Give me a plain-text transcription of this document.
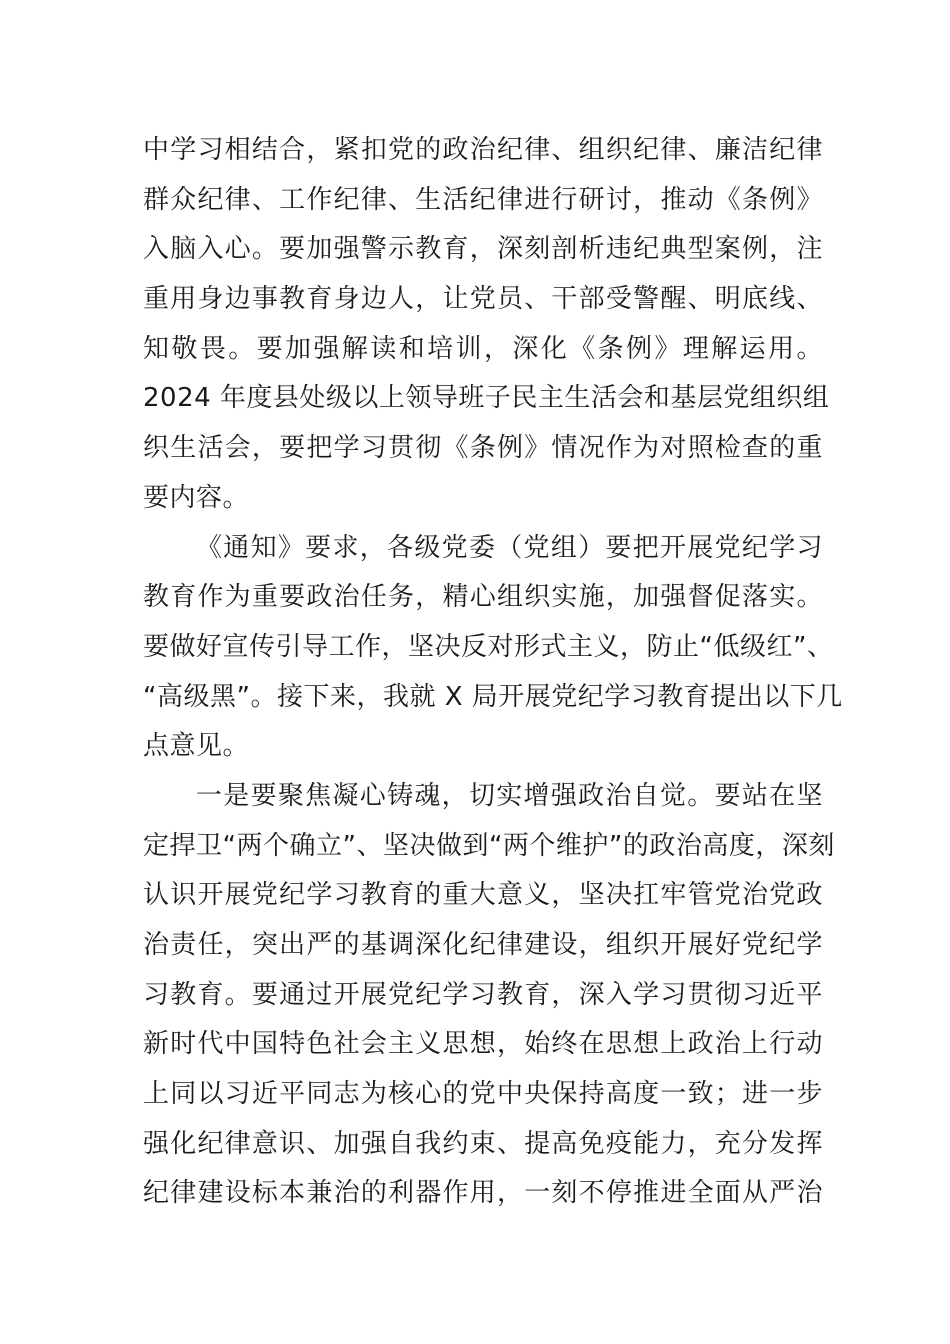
中学习相结合，紧扣党的政治纪律、组织纪律、廉洁纪律
群众纪律、工作纪律、生活纪律进行研讨，推动《条例》
入脑入心。要加强警示教育，深刻剖析违纪典型案例，注
重用身边事教育身边人，让党员、干部受警醒、明底线、
知敬畏。要加强解读和培训，深化《条例》理解运用。
2024 年度县处级以上领导班子民主生活会和基层党组织组
织生活会，要把学习贯彻《条例》情况作为对照检查的重
要内容。
《通知》要求，各级党委（党组）要把开展党纪学习
教育作为重要政治任务，精心组织实施，加强督促落实。
要做好宣传引导工作，坚决反对形式主义，防止“低级红”、
“高级黑”。接下来，我就 X 局开展党纪学习教育提出以下几
点意见。
一是要聚焦凝心铸魂，切实增强政治自觉。要站在坚
定捍卫“两个确立”、坚决做到“两个维护”的政治高度，深刻
认识开展党纪学习教育的重大意义，坚决扛牢管党治党政
治责任，突出严的基调深化纪律建设，组织开展好党纪学
习教育。要通过开展党纪学习教育，深入学习贯彻习近平
新时代中国特色社会主义思想，始终在思想上政治上行动
上同以习近平同志为核心的党中央保持高度一致；进一步
强化纪律意识、加强自我约束、提高免疫能力，充分发挥
纪律建设标本兼治的利器作用，一刻不停推进全面从严治
